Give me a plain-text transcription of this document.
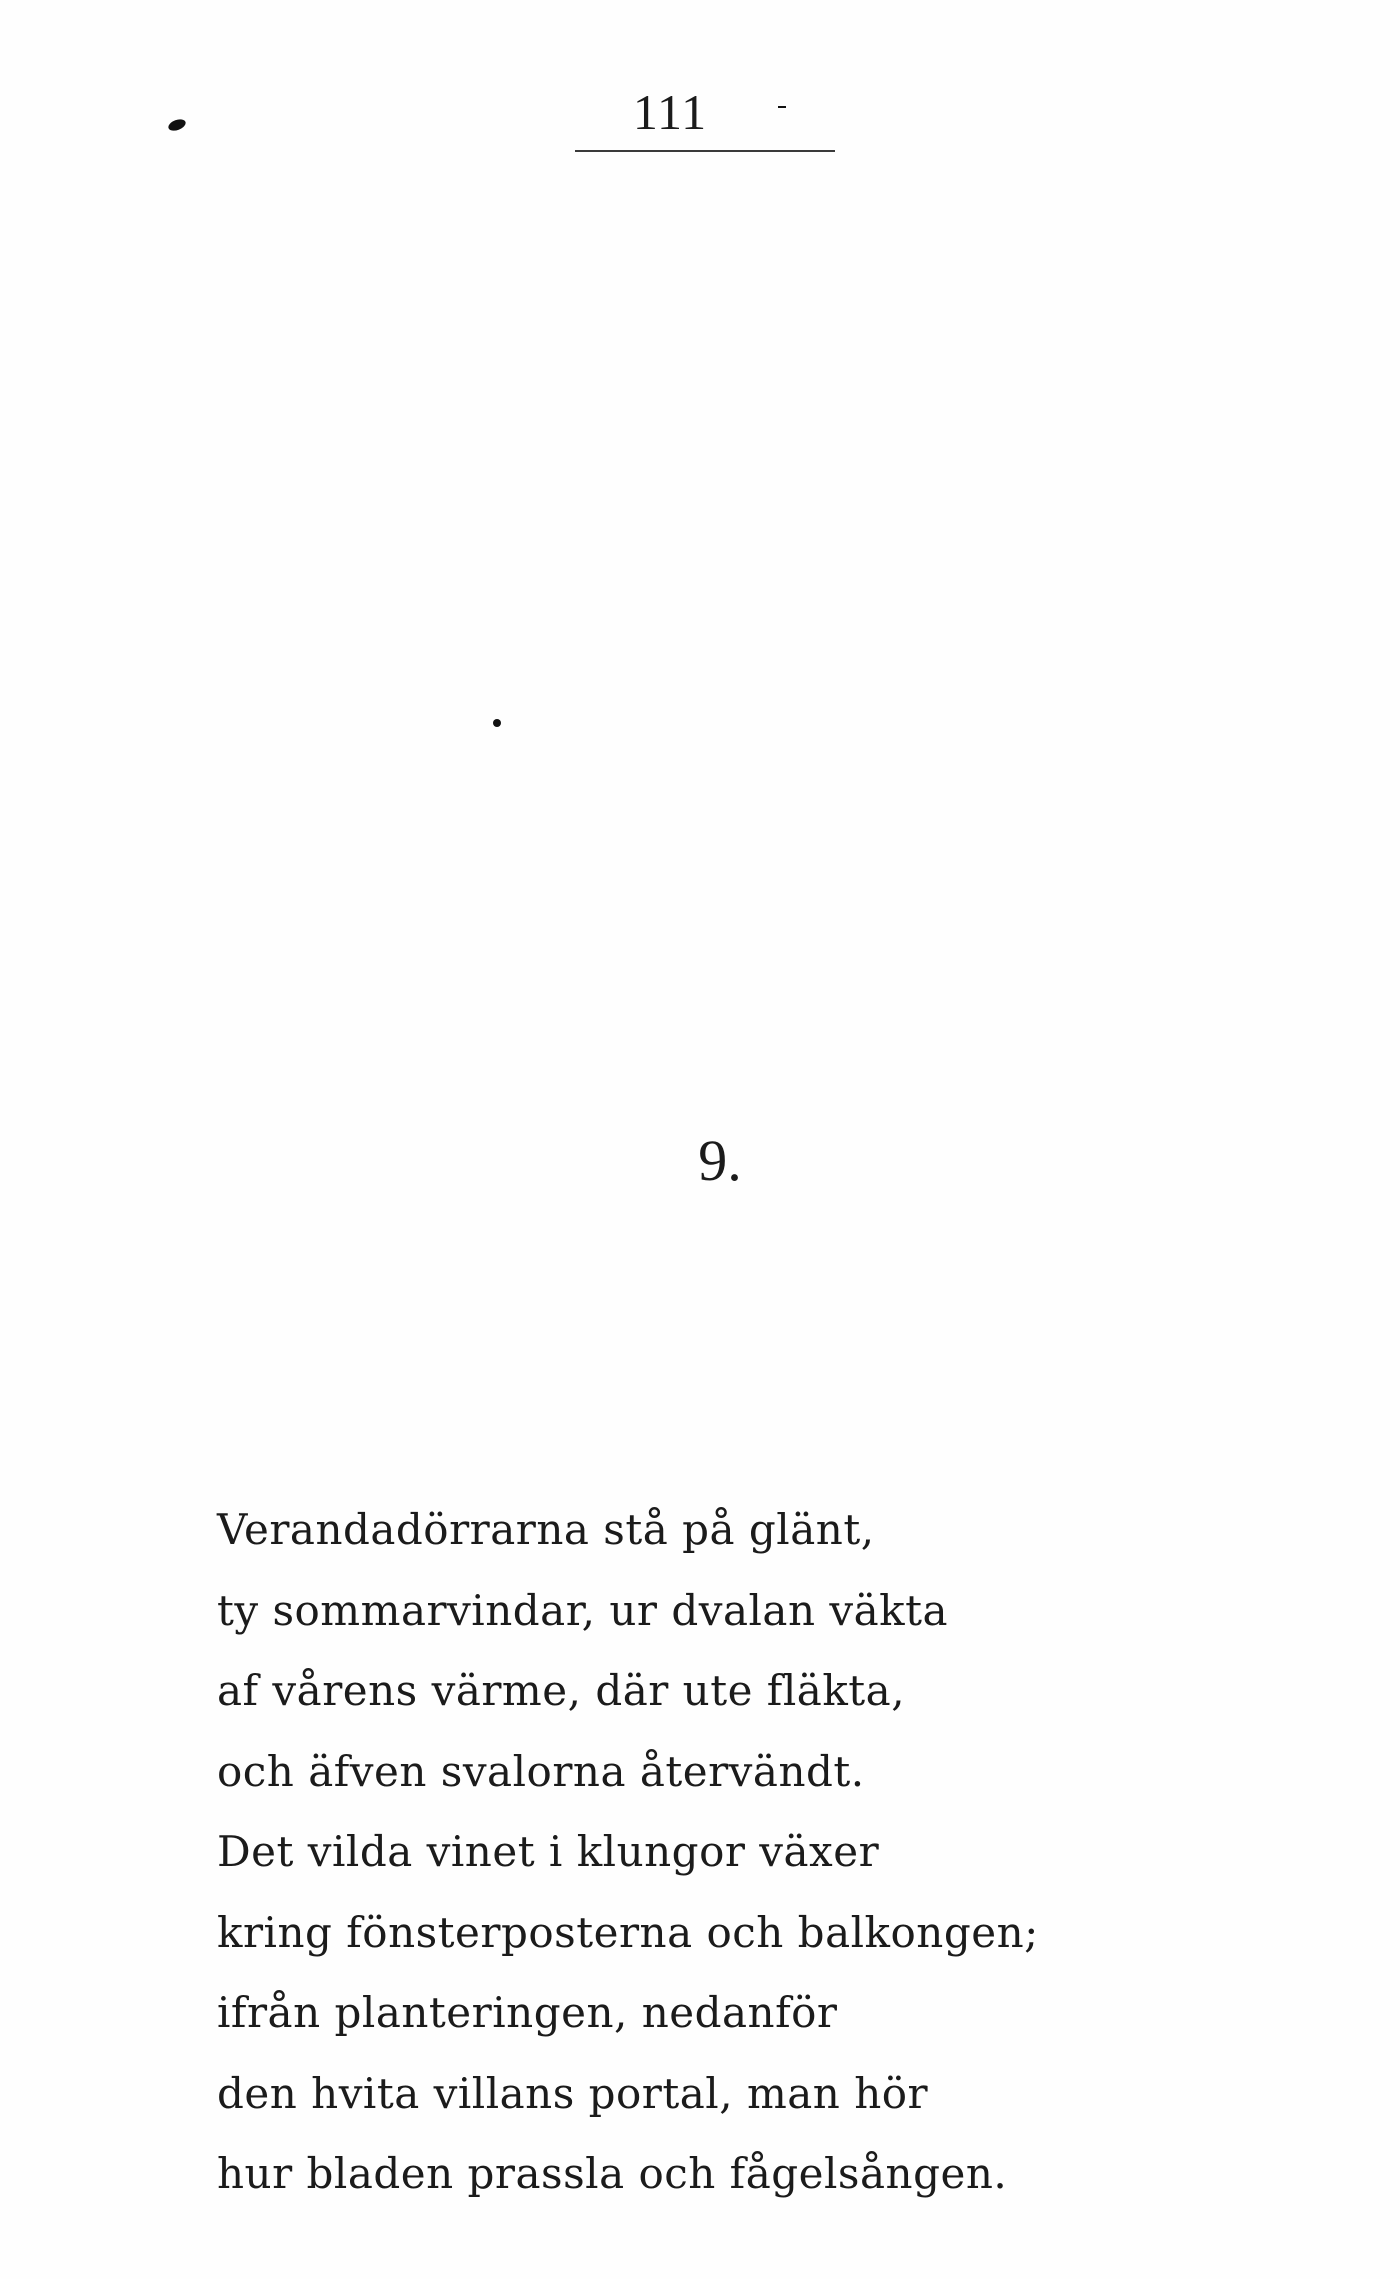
111
9.
Verandadörrarna stå på glänt,
ty sommarvindar, ur dvalan väkta
af vårens värme, där ute fläkta,
och äfven svalorna återvändt.
Det vilda vinet i klungor växer
kring fönsterposterna och balkongen;
ifrån planteringen, nedanför
den hvita villans portal, man hör
hur bladen prassla och fågelsången.
